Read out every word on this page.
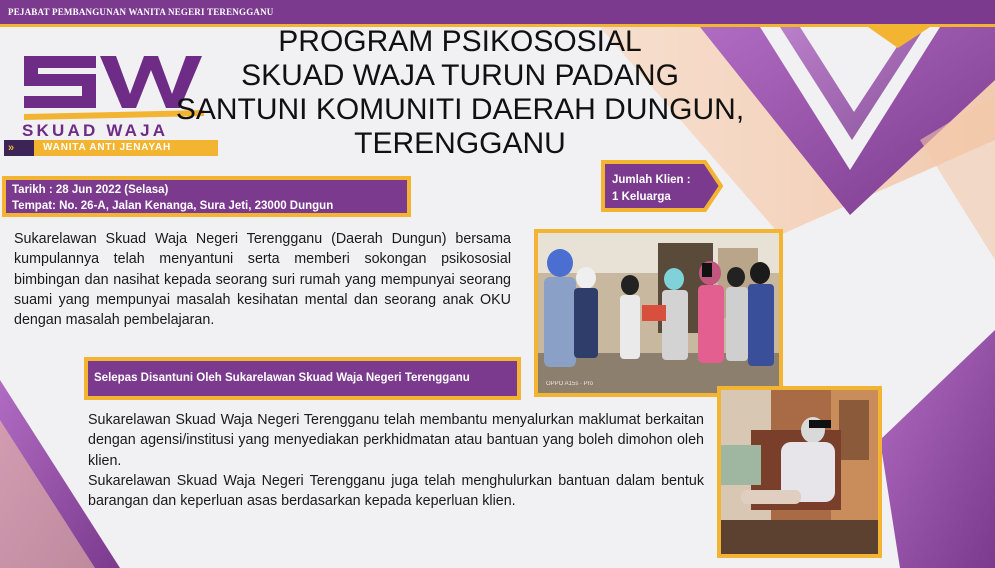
PEJABAT PEMBANGUNAN WANITA NEGERI TERENGGANU
SKUAD WAJA
»	WANITA ANTI JENAYAH
PROGRAM PSIKOSOSIAL
SKUAD WAJA TURUN PADANG
SANTUNI KOMUNITI DAERAH DUNGUN,
TERENGGANU
Tarikh : 28 Jun 2022 (Selasa)
Tempat: No. 26-A, Jalan Kenanga, Sura Jeti, 23000 Dungun
Jumlah Klien :
1 Keluarga
Sukarelawan Skuad Waja Negeri Terengganu (Daerah Dungun) bersama kumpulannya telah menyantuni serta memberi sokongan psikososial bimbingan dan nasihat kepada seorang suri rumah yang mempunyai seorang suami yang mempunyai masalah kesihatan mental dan seorang anak OKU dengan masalah pembelajaran.
OPPO A15s · Pro
Selepas Disantuni Oleh Sukarelawan Skuad Waja Negeri Terengganu

Sukarelawan Skuad Waja Negeri Terengganu telah membantu menyalurkan maklumat berkaitan dengan agensi/institusi yang menyediakan perkhidmatan atau bantuan yang boleh dimohon oleh klien.

Sukarelawan Skuad Waja Negeri Terengganu juga telah menghulurkan bantuan dalam bentuk barangan dan keperluan asas berdasarkan kepada keperluan klien.
